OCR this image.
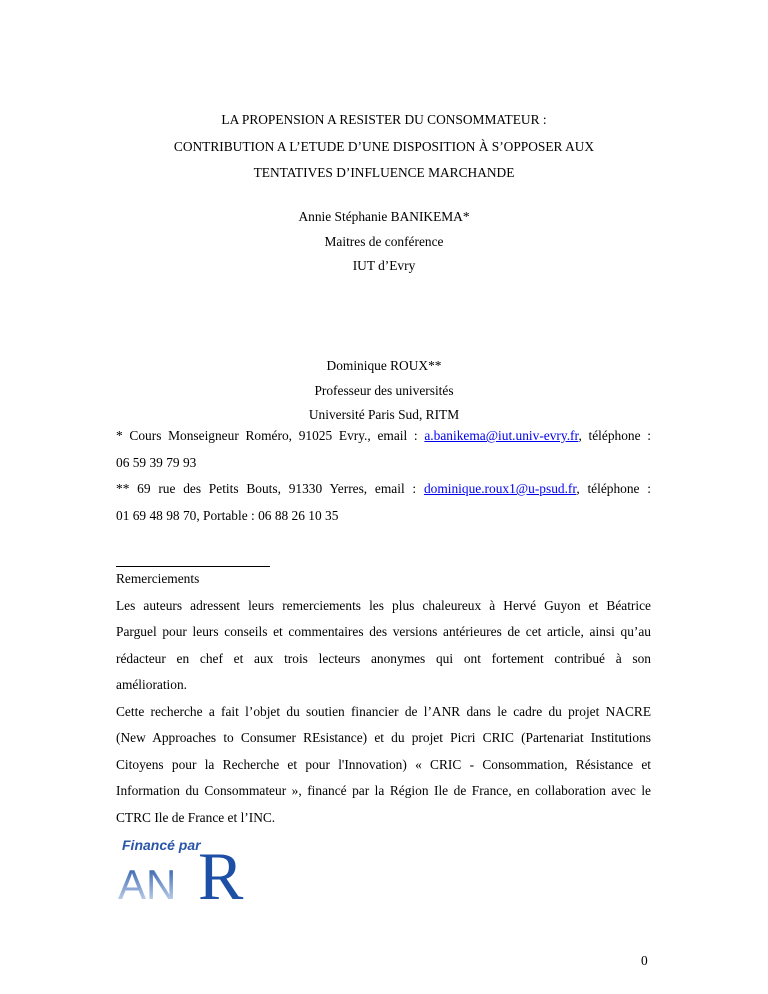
LA PROPENSION A RESISTER DU CONSOMMATEUR :
CONTRIBUTION A L’ETUDE D’UNE DISPOSITION À S’OPPOSER AUX
TENTATIVES D’INFLUENCE MARCHANDE
Annie Stéphanie BANIKEMA*
Maitres de conférence
IUT d’Evry
Dominique ROUX**
Professeur des universités
Université Paris Sud, RITM
* Cours Monseigneur Roméro, 91025 Evry., email : a.banikema@iut.univ-evry.fr, téléphone :
06 59 39 79 93
** 69 rue des Petits Bouts, 91330 Yerres, email : dominique.roux1@u-psud.fr, téléphone :
01 69 48 98 70, Portable : 06 88 26 10 35
Remerciements
Les auteurs adressent leurs remerciements les plus chaleureux à Hervé Guyon et Béatrice
Parguel pour leurs conseils et commentaires des versions antérieures de cet article, ainsi qu’au
rédacteur en chef et aux trois lecteurs anonymes qui ont fortement contribué à son
amélioration.
Cette recherche a fait l’objet du soutien financier de l’ANR dans le cadre du projet NACRE
(New Approaches to Consumer REsistance) et du projet Picri CRIC (Partenariat Institutions
Citoyens pour la Recherche et pour l'Innovation) « CRIC - Consommation, Résistance et
Information du Consommateur », financé par la Région Ile de France, en collaboration avec le
CTRC Ile de France et l’INC.
Financé par
A N R
0
